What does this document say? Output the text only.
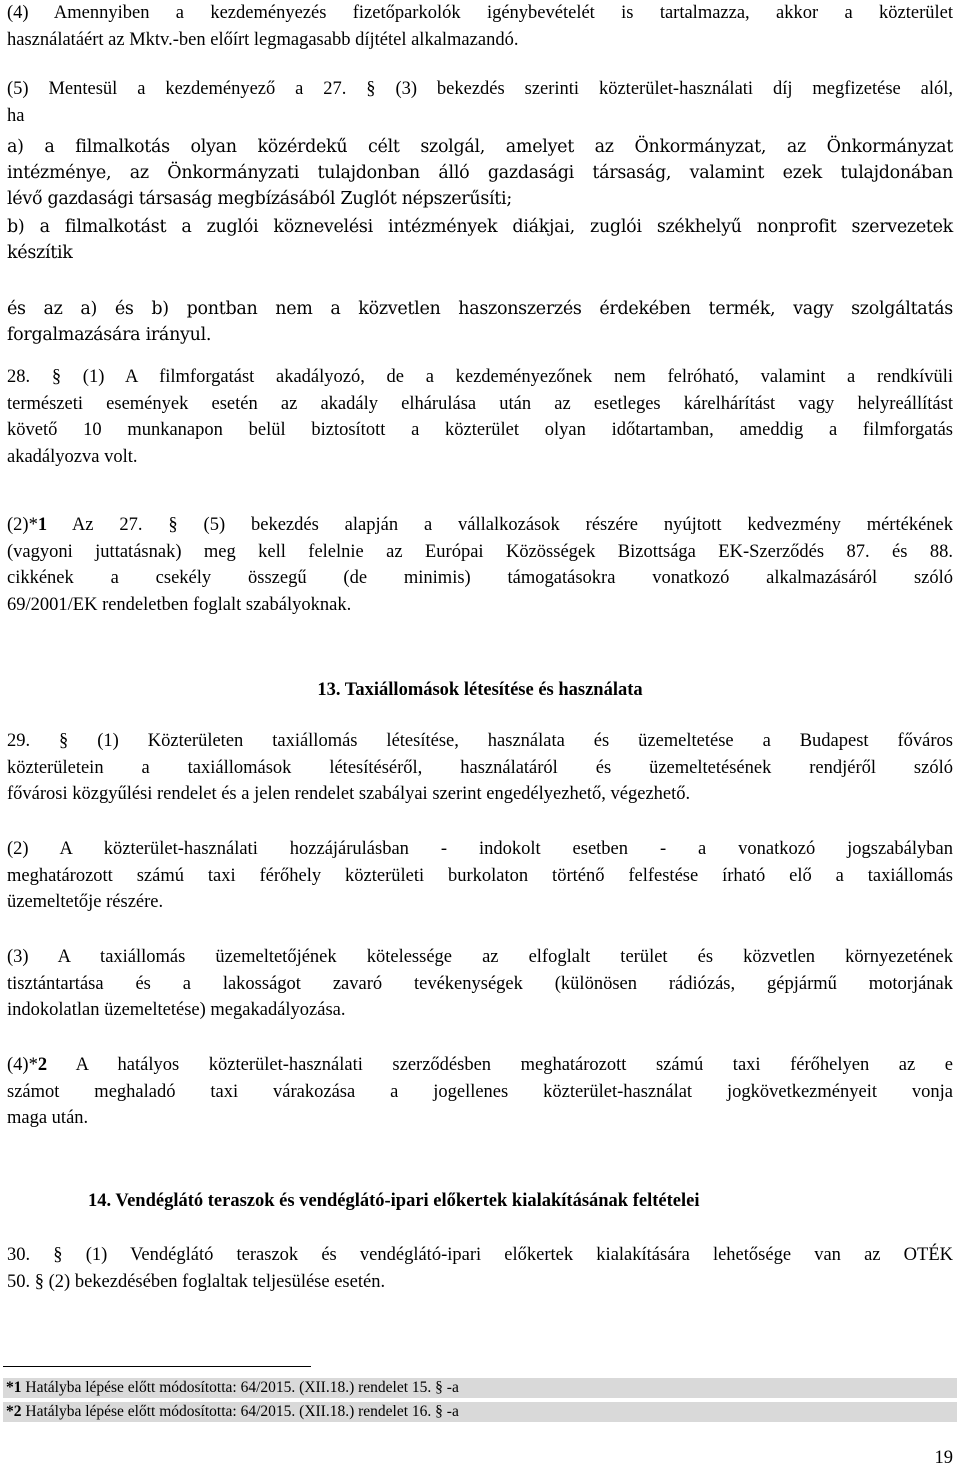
(4) Amennyiben a kezdeményezés fizetőparkolók igénybevételét is tartalmazza, akkor a közterület
használatáért az Mktv.-ben előírt legmagasabb díjtétel alkalmazandó.

(5) Mentesül a kezdeményező a 27. § (3) bekezdés szerinti közterület-használati díj megfizetése alól,
ha

a) a filmalkotás olyan közérdekű célt szolgál, amelyet az Önkormányzat, az Önkormányzat
intézménye, az Önkormányzati tulajdonban álló gazdasági társaság, valamint ezek tulajdonában
lévő gazdasági társaság megbízásából Zuglót népszerűsíti;

b) a filmalkotást a zuglói köznevelési intézmények diákjai, zuglói székhelyű nonprofit szervezetek
készítik

és az a) és b) pontban nem a közvetlen haszonszerzés érdekében termék, vagy szolgáltatás
forgalmazására irányul.

28. § (1) A filmforgatást akadályozó, de a kezdeményezőnek nem felróható, valamint a rendkívüli
természeti események esetén az akadály elhárulása után az esetleges kárelhárítást vagy helyreállítást
követő 10 munkanapon belül biztosított a közterület olyan időtartamban, ameddig a filmforgatás
akadályozva volt.

(2)*1 Az 27. § (5) bekezdés alapján a vállalkozások részére nyújtott kedvezmény mértékének
(vagyoni juttatásnak) meg kell felelnie az Európai Közösségek Bizottsága EK-Szerződés 87. és 88.
cikkének a csekély összegű (de minimis) támogatásokra vonatkozó alkalmazásáról szóló
69/2001/EK rendeletben foglalt szabályoknak.

13. Taxiállomások létesítése és használata

29. § (1) Közterületen taxiállomás létesítése, használata és üzemeltetése a Budapest főváros
közterületein a taxiállomások létesítéséről, használatáról és üzemeltetésének rendjéről szóló
fővárosi közgyűlési rendelet és a jelen rendelet szabályai szerint engedélyezhető, végezhető.

(2) A közterület-használati hozzájárulásban - indokolt esetben - a vonatkozó jogszabályban
meghatározott számú taxi férőhely közterületi burkolaton történő felfestése írható elő a taxiállomás
üzemeltetője részére.

(3) A taxiállomás üzemeltetőjének kötelessége az elfoglalt terület és közvetlen környezetének
tisztántartása és a lakosságot zavaró tevékenységek (különösen rádiózás, gépjármű motorjának
indokolatlan üzemeltetése) megakadályozása.

(4)*2 A hatályos közterület-használati szerződésben meghatározott számú taxi férőhelyen az e
számot meghaladó taxi várakozása a jogellenes közterület-használat jogkövetkezményeit vonja
maga után.

14. Vendéglátó teraszok és vendéglátó-ipari előkertek kialakításának feltételei

30. § (1) Vendéglátó teraszok és vendéglátó-ipari előkertek kialakítására lehetősége van az OTÉK
50. § (2) bekezdésében foglaltak teljesülése esetén.

*1 Hatályba lépése előtt módosította: 64/2015. (XII.18.) rendelet 15. § -a
*2 Hatályba lépése előtt módosította: 64/2015. (XII.18.) rendelet 16. § -a
19
